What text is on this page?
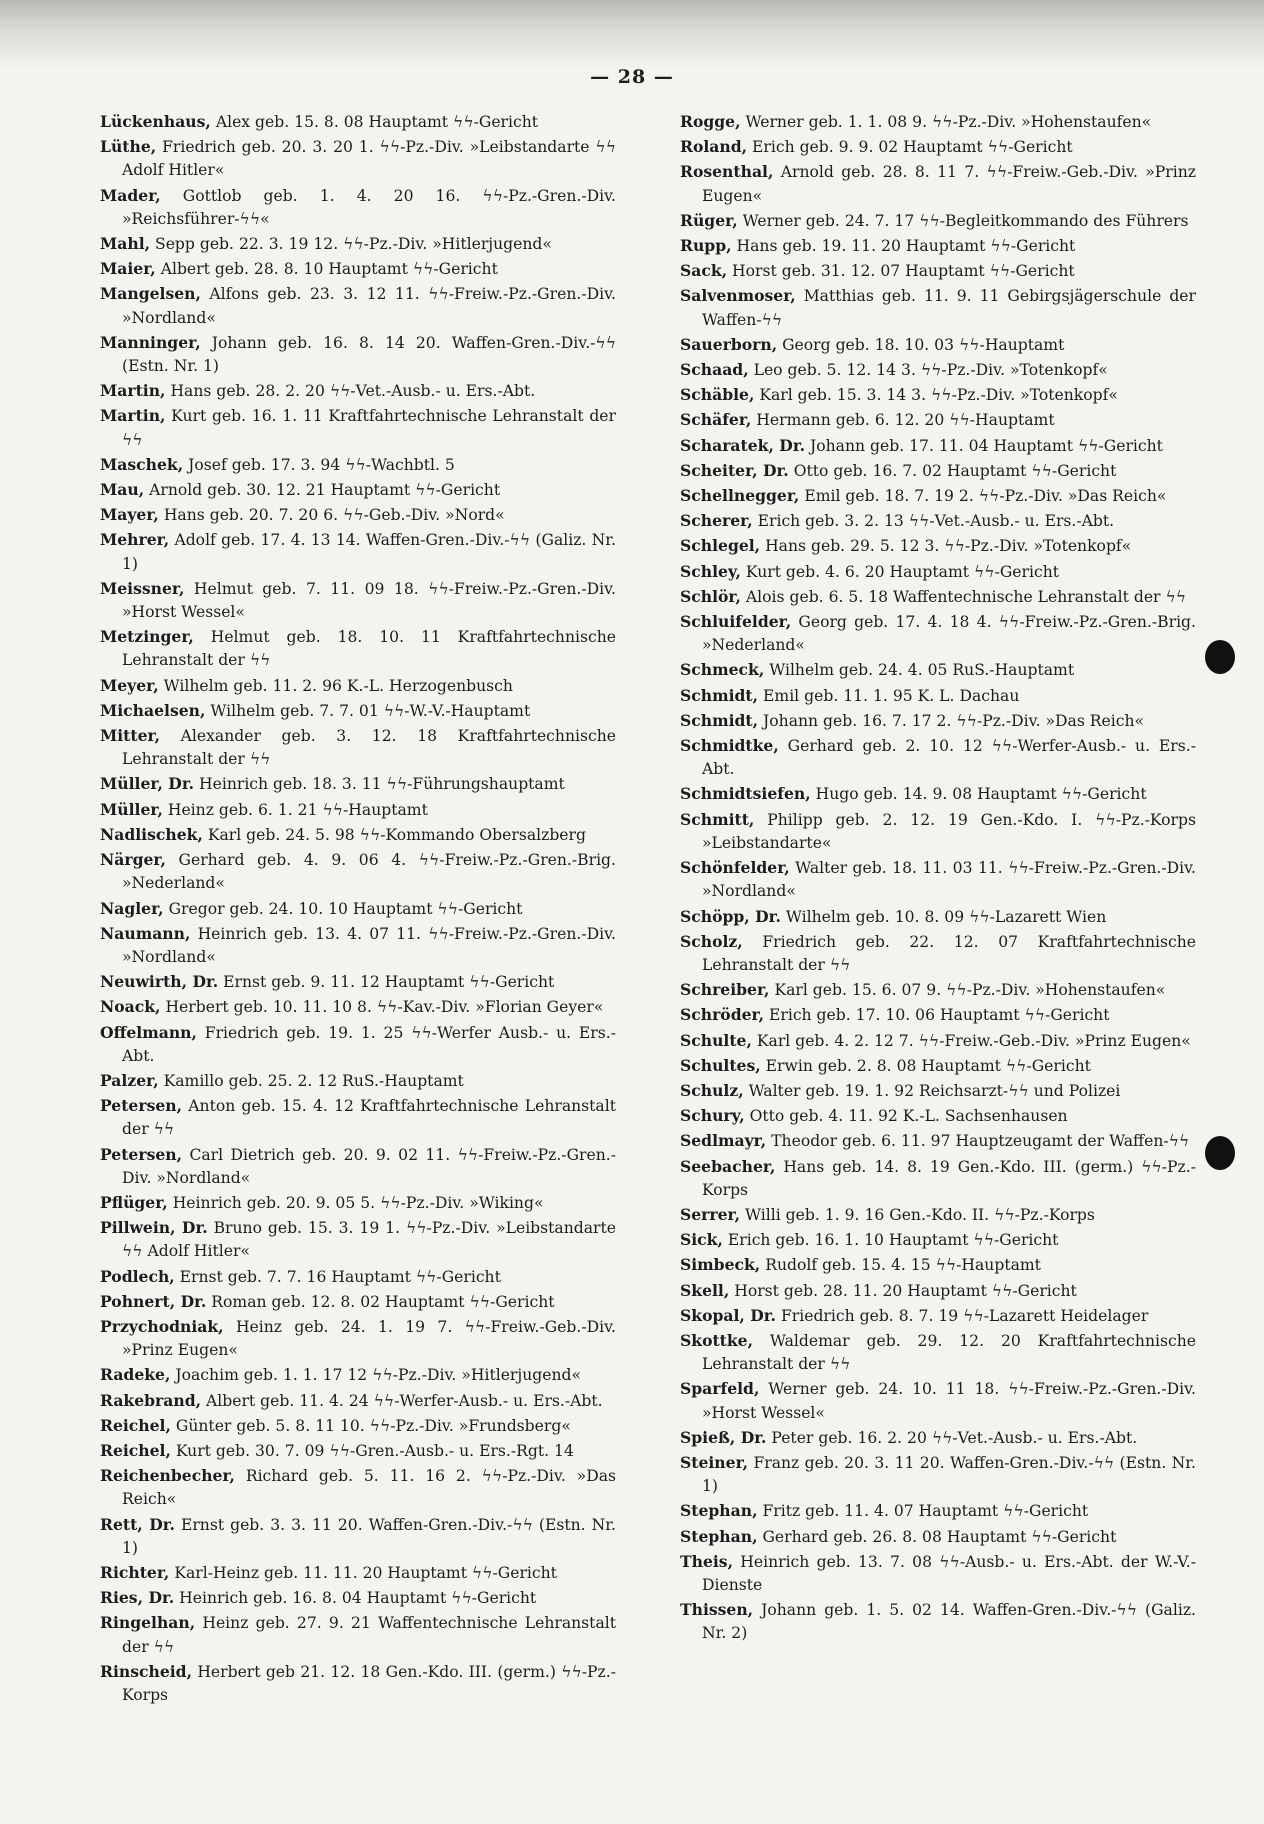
— 28 —
Lückenhaus, Alex geb. 15. 8. 08 Hauptamt ϟϟ-Gericht
Lüthe, Friedrich geb. 20. 3. 20 1. ϟϟ-Pz.-Div. »Leibstandarte ϟϟ Adolf Hitler«
Mader, Gottlob geb. 1. 4. 20 16. ϟϟ-Pz.-Gren.-Div. »Reichsführer-ϟϟ«
Mahl, Sepp geb. 22. 3. 19 12. ϟϟ-Pz.-Div. »Hitlerjugend«
Maier, Albert geb. 28. 8. 10 Hauptamt ϟϟ-Gericht
Mangelsen, Alfons geb. 23. 3. 12 11. ϟϟ-Freiw.-Pz.-Gren.-Div. »Nordland«
Manninger, Johann geb. 16. 8. 14 20. Waffen-Gren.-Div.-ϟϟ (Estn. Nr. 1)
Martin, Hans geb. 28. 2. 20 ϟϟ-Vet.-Ausb.- u. Ers.-Abt.
Martin, Kurt geb. 16. 1. 11 Kraftfahrtechnische Lehranstalt der ϟϟ
Maschek, Josef geb. 17. 3. 94 ϟϟ-Wachbtl. 5
Mau, Arnold geb. 30. 12. 21 Hauptamt ϟϟ-Gericht
Mayer, Hans geb. 20. 7. 20 6. ϟϟ-Geb.-Div. »Nord«
Mehrer, Adolf geb. 17. 4. 13 14. Waffen-Gren.-Div.-ϟϟ (Galiz. Nr. 1)
Meissner, Helmut geb. 7. 11. 09 18. ϟϟ-Freiw.-Pz.-Gren.-Div. »Horst Wessel«
Metzinger, Helmut geb. 18. 10. 11 Kraftfahrtechnische Lehranstalt der ϟϟ
Meyer, Wilhelm geb. 11. 2. 96 K.-L. Herzogenbusch
Michaelsen, Wilhelm geb. 7. 7. 01 ϟϟ-W.-V.-Hauptamt
Mitter, Alexander geb. 3. 12. 18 Kraftfahrtechnische Lehranstalt der ϟϟ
Müller, Dr. Heinrich geb. 18. 3. 11 ϟϟ-Führungshauptamt
Müller, Heinz geb. 6. 1. 21 ϟϟ-Hauptamt
Nadlischek, Karl geb. 24. 5. 98 ϟϟ-Kommando Obersalzberg
Närger, Gerhard geb. 4. 9. 06 4. ϟϟ-Freiw.-Pz.-Gren.-Brig. »Nederland«
Nagler, Gregor geb. 24. 10. 10 Hauptamt ϟϟ-Gericht
Naumann, Heinrich geb. 13. 4. 07 11. ϟϟ-Freiw.-Pz.-Gren.-Div. »Nordland«
Neuwirth, Dr. Ernst geb. 9. 11. 12 Hauptamt ϟϟ-Gericht
Noack, Herbert geb. 10. 11. 10 8. ϟϟ-Kav.-Div. »Florian Geyer«
Offelmann, Friedrich geb. 19. 1. 25 ϟϟ-Werfer Ausb.- u. Ers.-Abt.
Palzer, Kamillo geb. 25. 2. 12 RuS.-Hauptamt
Petersen, Anton geb. 15. 4. 12 Kraftfahrtechnische Lehranstalt der ϟϟ
Petersen, Carl Dietrich geb. 20. 9. 02 11. ϟϟ-Freiw.-Pz.-Gren.-Div. »Nordland«
Pflüger, Heinrich geb. 20. 9. 05 5. ϟϟ-Pz.-Div. »Wiking«
Pillwein, Dr. Bruno geb. 15. 3. 19 1. ϟϟ-Pz.-Div. »Leibstandarte ϟϟ Adolf Hitler«
Podlech, Ernst geb. 7. 7. 16 Hauptamt ϟϟ-Gericht
Pohnert, Dr. Roman geb. 12. 8. 02 Hauptamt ϟϟ-Gericht
Przychodniak, Heinz geb. 24. 1. 19 7. ϟϟ-Freiw.-Geb.-Div. »Prinz Eugen«
Radeke, Joachim geb. 1. 1. 17 12 ϟϟ-Pz.-Div. »Hitlerjugend«
Rakebrand, Albert geb. 11. 4. 24 ϟϟ-Werfer-Ausb.- u. Ers.-Abt.
Reichel, Günter geb. 5. 8. 11 10. ϟϟ-Pz.-Div. »Frundsberg«
Reichel, Kurt geb. 30. 7. 09 ϟϟ-Gren.-Ausb.- u. Ers.-Rgt. 14
Reichenbecher, Richard geb. 5. 11. 16 2. ϟϟ-Pz.-Div. »Das Reich«
Rett, Dr. Ernst geb. 3. 3. 11 20. Waffen-Gren.-Div.-ϟϟ (Estn. Nr. 1)
Richter, Karl-Heinz geb. 11. 11. 20 Hauptamt ϟϟ-Gericht
Ries, Dr. Heinrich geb. 16. 8. 04 Hauptamt ϟϟ-Gericht
Ringelhan, Heinz geb. 27. 9. 21 Waffentechnische Lehranstalt der ϟϟ
Rinscheid, Herbert geb 21. 12. 18 Gen.-Kdo. III. (germ.) ϟϟ-Pz.-Korps
Rogge, Werner geb. 1. 1. 08 9. ϟϟ-Pz.-Div. »Hohenstaufen«
Roland, Erich geb. 9. 9. 02 Hauptamt ϟϟ-Gericht
Rosenthal, Arnold geb. 28. 8. 11 7. ϟϟ-Freiw.-Geb.-Div. »Prinz Eugen«
Rüger, Werner geb. 24. 7. 17 ϟϟ-Begleitkommando des Führers
Rupp, Hans geb. 19. 11. 20 Hauptamt ϟϟ-Gericht
Sack, Horst geb. 31. 12. 07 Hauptamt ϟϟ-Gericht
Salvenmoser, Matthias geb. 11. 9. 11 Gebirgsjägerschule der Waffen-ϟϟ
Sauerborn, Georg geb. 18. 10. 03 ϟϟ-Hauptamt
Schaad, Leo geb. 5. 12. 14 3. ϟϟ-Pz.-Div. »Totenkopf«
Schäble, Karl geb. 15. 3. 14 3. ϟϟ-Pz.-Div. »Totenkopf«
Schäfer, Hermann geb. 6. 12. 20 ϟϟ-Hauptamt
Scharatek, Dr. Johann geb. 17. 11. 04 Hauptamt ϟϟ-Gericht
Scheiter, Dr. Otto geb. 16. 7. 02 Hauptamt ϟϟ-Gericht
Schellnegger, Emil geb. 18. 7. 19 2. ϟϟ-Pz.-Div. »Das Reich«
Scherer, Erich geb. 3. 2. 13 ϟϟ-Vet.-Ausb.- u. Ers.-Abt.
Schlegel, Hans geb. 29. 5. 12 3. ϟϟ-Pz.-Div. »Totenkopf«
Schley, Kurt geb. 4. 6. 20 Hauptamt ϟϟ-Gericht
Schlör, Alois geb. 6. 5. 18 Waffentechnische Lehranstalt der ϟϟ
Schluifelder, Georg geb. 17. 4. 18 4. ϟϟ-Freiw.-Pz.-Gren.-Brig. »Nederland«
Schmeck, Wilhelm geb. 24. 4. 05 RuS.-Hauptamt
Schmidt, Emil geb. 11. 1. 95 K. L. Dachau
Schmidt, Johann geb. 16. 7. 17 2. ϟϟ-Pz.-Div. »Das Reich«
Schmidtke, Gerhard geb. 2. 10. 12 ϟϟ-Werfer-Ausb.- u. Ers.-Abt.
Schmidtsiefen, Hugo geb. 14. 9. 08 Hauptamt ϟϟ-Gericht
Schmitt, Philipp geb. 2. 12. 19 Gen.-Kdo. I. ϟϟ-Pz.-Korps »Leibstandarte«
Schönfelder, Walter geb. 18. 11. 03 11. ϟϟ-Freiw.-Pz.-Gren.-Div. »Nordland«
Schöpp, Dr. Wilhelm geb. 10. 8. 09 ϟϟ-Lazarett Wien
Scholz, Friedrich geb. 22. 12. 07 Kraftfahrtechnische Lehranstalt der ϟϟ
Schreiber, Karl geb. 15. 6. 07 9. ϟϟ-Pz.-Div. »Hohenstaufen«
Schröder, Erich geb. 17. 10. 06 Hauptamt ϟϟ-Gericht
Schulte, Karl geb. 4. 2. 12 7. ϟϟ-Freiw.-Geb.-Div. »Prinz Eugen«
Schultes, Erwin geb. 2. 8. 08 Hauptamt ϟϟ-Gericht
Schulz, Walter geb. 19. 1. 92 Reichsarzt-ϟϟ und Polizei
Schury, Otto geb. 4. 11. 92 K.-L. Sachsenhausen
Sedlmayr, Theodor geb. 6. 11. 97 Hauptzeugamt der Waffen-ϟϟ
Seebacher, Hans geb. 14. 8. 19 Gen.-Kdo. III. (germ.) ϟϟ-Pz.-Korps
Serrer, Willi geb. 1. 9. 16 Gen.-Kdo. II. ϟϟ-Pz.-Korps
Sick, Erich geb. 16. 1. 10 Hauptamt ϟϟ-Gericht
Simbeck, Rudolf geb. 15. 4. 15 ϟϟ-Hauptamt
Skell, Horst geb. 28. 11. 20 Hauptamt ϟϟ-Gericht
Skopal, Dr. Friedrich geb. 8. 7. 19 ϟϟ-Lazarett Heidelager
Skottke, Waldemar geb. 29. 12. 20 Kraftfahrtechnische Lehranstalt der ϟϟ
Sparfeld, Werner geb. 24. 10. 11 18. ϟϟ-Freiw.-Pz.-Gren.-Div. »Horst Wessel«
Spieß, Dr. Peter geb. 16. 2. 20 ϟϟ-Vet.-Ausb.- u. Ers.-Abt.
Steiner, Franz geb. 20. 3. 11 20. Waffen-Gren.-Div.-ϟϟ (Estn. Nr. 1)
Stephan, Fritz geb. 11. 4. 07 Hauptamt ϟϟ-Gericht
Stephan, Gerhard geb. 26. 8. 08 Hauptamt ϟϟ-Gericht
Theis, Heinrich geb. 13. 7. 08 ϟϟ-Ausb.- u. Ers.-Abt. der W.-V.-Dienste
Thissen, Johann geb. 1. 5. 02 14. Waffen-Gren.-Div.-ϟϟ (Galiz. Nr. 2)
